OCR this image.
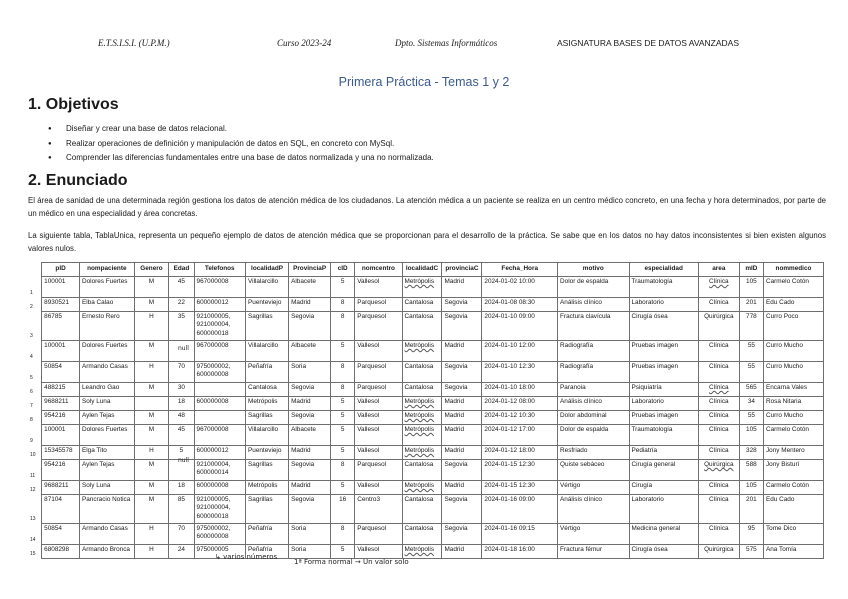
E.T.S.I.S.I. (U.P.M.)	Curso 2023-24	Dpto. Sistemas Informáticos	ASIGNATURA BASES DE DATOS AVANZADAS
Primera Práctica - Temas 1 y 2
1. Objetivos
● Diseñar y crear una base de datos relacional.
● Realizar operaciones de definición y manipulación de datos en SQL, en concreto con MySql.
● Comprender las diferencias fundamentales entre una base de datos normalizada y una no normalizada.
2. Enunciado

El área de sanidad de una determinada región gestiona los datos de atención médica de los ciudadanos. La atención médica a un paciente se realiza en un centro médico concreto, en una fecha y hora determinados, por parte de un médico en una especialidad y área concretas.

La siguiente tabla, TablaUnica, representa un pequeño ejemplo de datos de atención médica que se proporcionan para el desarrollo de la práctica. Se sabe que en los datos no hay datos inconsistentes si bien existen algunos valores nulos.

	pID	nompaciente	Genero	Edad	Telefonos	localidadP	ProvinciaP	cID	nomcentro	localidadC	provinciaC	Fecha_Hora	motivo	especialidad	area	mID	nommedico
1	100001	Dolores Fuertes	M	45	967000008	Villalarcillo	Albacete	5	Vallesol	Metrópolis	Madrid	2024-01-02 10:00	Dolor de espalda	Traumatología	Clínica	105	Carmelo Cotón
2	8930521	Elba Calao	M	22	600000012	Puenteviejo	Madrid	8	Parquesol	Cantalosa	Segovia	2024-01-08 08:30	Análisis clínico	Laboratorio	Clínica	201	Edu Cado
3	86785	Ernesto Rero	H	35	921000005, 921000004, 600000018	Sagrillas	Segovia	8	Parquesol	Cantalosa	Segovia	2024-01-10 09:00	Fractura clavícula	Cirugía ósea	Quirúrgica	778	Curro Poco
4	100001	Dolores Fuertes	M		967000008	Villalarcillo	Albacete	5	Vallesol	Metrópolis	Madrid	2024-01-10 12:00	Radiografía	Pruebas imagen	Clínica	55	Curro Mucho
5	50854	Armando Casas	H	70	975000002, 600000008	Peñafría	Soria	8	Parquesol	Cantalosa	Segovia	2024-01-10 12:30	Radiografía	Pruebas imagen	Clínica	55	Curro Mucho
6	488215	Leandro Gao	M	30		Cantalosa	Segovia	8	Parquesol	Cantalosa	Segovia	2024-01-10 18:00	Paranoia	Psiquiatría	Clínica	565	Encarna Vales
7	9688211	Soly Luna		18	600000008	Metrópolis	Madrid	5	Vallesol	Metrópolis	Madrid	2024-01-12 08:00	Análisis clínico	Laboratorio	Clínica	34	Rosa Nitaria
8	954216	Aylen Tejas	M	48		Sagrillas	Segovia	5	Vallesol	Metrópolis	Madrid	2024-01-12 10:30	Dolor abdominal	Pruebas imagen	Clínica	55	Curro Mucho
9	100001	Dolores Fuertes	M	45	967000008	Villalarcillo	Albacete	5	Vallesol	Metrópolis	Madrid	2024-01-12 17:00	Dolor de espalda	Traumatología	Clínica	105	Carmelo Cotón
10	15345578	Elga Tito	H	5	600000012	Puenteviejo	Madrid	5	Vallesol	Metrópolis	Madrid	2024-01-12 18:00	Resfriado	Pediatría	Clínica	328	Jony Mentero
11	954216	Aylen Tejas	M		921000004, 600000014	Sagrillas	Segovia	8	Parquesol	Cantalosa	Segovia	2024-01-15 12:30	Quiste sebáceo	Cirugía general	Quirúrgica	588	Jony Bisturí
12	9688211	Soly Luna	M	18	600000008	Metrópolis	Madrid	5	Vallesol	Metrópolis	Madrid	2024-01-15 12:30	Vértigo	Cirugía	Clínica	105	Carmelo Cotón
13	87104	Pancracio Notica	M	85	921000005, 921000004, 600000018	Sagrillas	Segovia	16	Centro3	Cantalosa	Segovia	2024-01-16 09:00	Análisis clínico	Laboratorio	Clínica	201	Edu Cado
14	50854	Armando Casas	H	70	975000002, 600000008	Peñafría	Soria	8	Parquesol	Cantalosa	Segovia	2024-01-16 09:15	Vértigo	Medicina general	Clínica	95	Tome Dico
15	6808298	Armando Bronca	H	24	975000005	Peñafría	Soria	5	Vallesol	Metrópolis	Madrid	2024-01-18 16:00	Fractura fémur	Cirugía ósea	Quirúrgica	575	Ana Tomía
null
null
↳ varios números
1ª Forma normal → Un valor solo
